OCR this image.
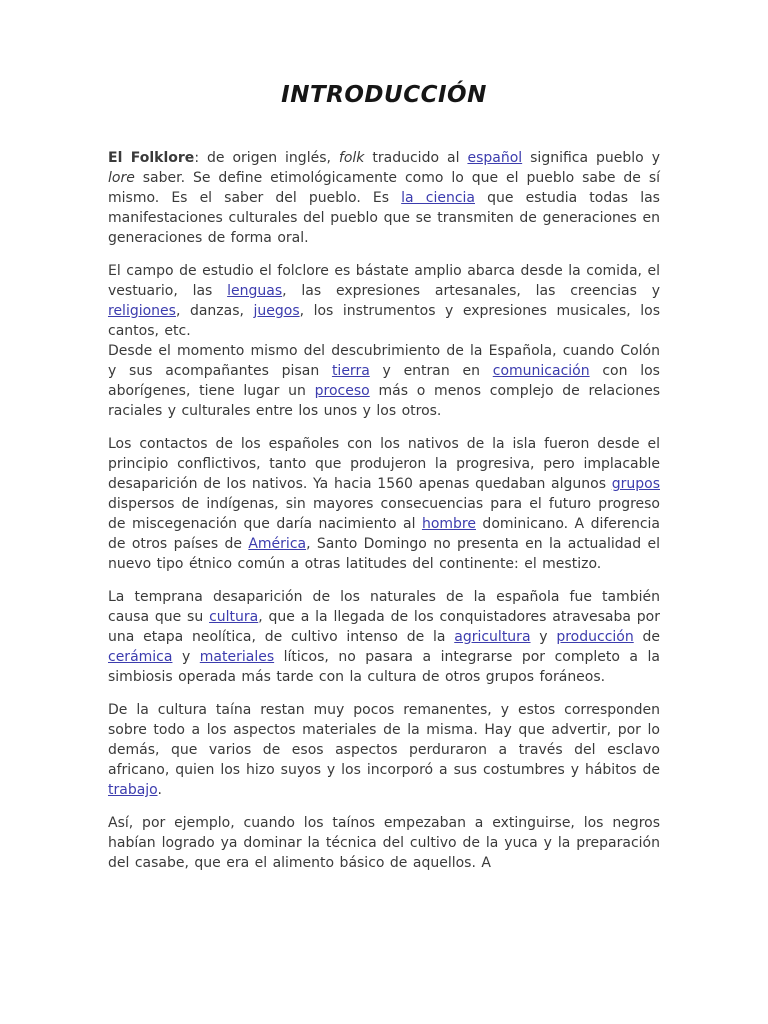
INTRODUCCIÓN

El Folklore: de origen inglés, folk traducido al español significa pueblo y lore saber. Se define etimológicamente como lo que el pueblo sabe de sí mismo. Es el saber del pueblo. Es la ciencia que estudia todas las manifestaciones culturales del pueblo que se transmiten de generaciones en generaciones de forma oral.

El campo de estudio el folclore es bástate amplio abarca desde la comida, el vestuario, las lenguas, las expresiones artesanales, las creencias y religiones, danzas, juegos, los instrumentos y expresiones musicales, los cantos, etc.
Desde el momento mismo del descubrimiento de la Española, cuando Colón y sus acompañantes pisan tierra y entran en comunicación con los aborígenes, tiene lugar un proceso más o menos complejo de relaciones raciales y culturales entre los unos y los otros.

Los contactos de los españoles con los nativos de la isla fueron desde el principio conflictivos, tanto que produjeron la progresiva, pero implacable desaparición de los nativos. Ya hacia 1560 apenas quedaban algunos grupos dispersos de indígenas, sin mayores consecuencias para el futuro progreso de miscegenación que daría nacimiento al hombre dominicano. A diferencia de otros países de América, Santo Domingo no presenta en la actualidad el nuevo tipo étnico común a otras latitudes del continente: el mestizo.

La temprana desaparición de los naturales de la española fue también causa que su cultura, que a la llegada de los conquistadores atravesaba por una etapa neolítica, de cultivo intenso de la agricultura y producción de cerámica y materiales líticos, no pasara a integrarse por completo a la simbiosis operada más tarde con la cultura de otros grupos foráneos.

De la cultura taína restan muy pocos remanentes, y estos corresponden sobre todo a los aspectos materiales de la misma. Hay que advertir, por lo demás, que varios de esos aspectos perduraron a través del esclavo africano, quien los hizo suyos y los incorporó a sus costumbres y hábitos de trabajo.

Así, por ejemplo, cuando los taínos empezaban a extinguirse, los negros habían logrado ya dominar la técnica del cultivo de la yuca y la preparación del casabe, que era el alimento básico de aquellos. A
